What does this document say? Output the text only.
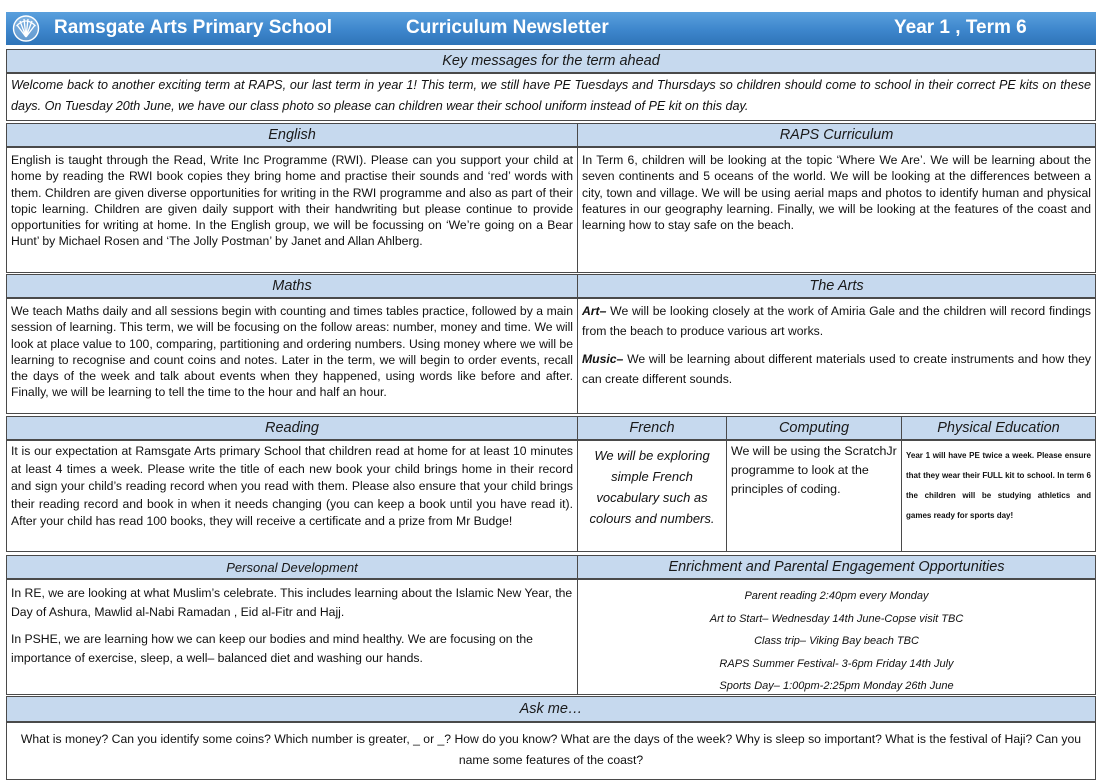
Ramsgate Arts Primary School	Curriculum Newsletter	Year 1 , Term 6
Key messages for the term ahead
Welcome back to another exciting term at RAPS, our last term in year 1! This term, we still have PE Tuesdays and Thursdays so children should come to school in their correct PE kits on these days. On Tuesday 20th June, we have our class photo so please can children wear their school uniform instead of PE kit on this day.
English
English is taught through the Read, Write Inc Programme (RWI). Please can you support your child at home by reading the RWI book copies they bring home and practise their sounds and ‘red’ words with them. Children are given diverse opportunities for writing in the RWI programme and also as part of their topic learning. Children are given daily support with their handwriting but please continue to provide opportunities for writing at home. In the English group, we will be focussing on ‘We’re going on a Bear Hunt’ by Michael Rosen and ‘The Jolly Postman’ by Janet and Allan Ahlberg.
RAPS Curriculum
In Term 6, children will be looking at the topic ‘Where We Are’. We will be learning about the seven continents and 5 oceans of the world. We will be looking at the differences between a city, town and village. We will be using aerial maps and photos to identify human and physical features in our geography learning. Finally, we will be looking at the features of the coast and learning how to stay safe on the beach.
Maths
We teach Maths daily and all sessions begin with counting and times tables practice, followed by a main session of learning. This term, we will be focusing on the follow areas: number, money and time. We will look at place value to 100, comparing, partitioning and ordering numbers. Using money where we will be learning to recognise and count coins and notes. Later in the term, we will begin to order events, recall the days of the week and talk about events when they happened, using words like before and after. Finally, we will be learning to tell the time to the hour and half an hour.
The Arts

Art– We will be looking closely at the work of Amiria Gale and the children will record findings from the beach to produce various art works.

Music– We will be learning about different materials used to create instruments and how they can create different sounds.

Reading
It is our expectation at Ramsgate Arts primary School that children read at home for at least 10 minutes at least 4 times a week. Please write the title of each new book your child brings home in their record and sign your child’s reading record when you read with them. Please also ensure that your child brings their reading record and book in when it needs changing (you can keep a book until you have read it). After your child has read 100 books, they will receive a certificate and a prize from Mr Budge!
French
We will be exploring simple French vocabulary such as colours and numbers.
Computing
We will be using the ScratchJr programme to look at the principles of coding.
Physical Education
Year 1 will have PE twice a week. Please ensure that they wear their FULL kit to school. In term 6 the children will be studying athletics and games ready for sports day!
Personal Development

In RE, we are looking at what Muslim’s celebrate. This includes learning about the Islamic New Year, the Day of Ashura, Mawlid al-Nabi Ramadan , Eid al-Fitr and Hajj.

In PSHE, we are learning how we can keep our bodies and mind healthy. We are focusing on the importance of exercise, sleep, a well– balanced diet and washing our hands.

Enrichment and Parental Engagement Opportunities
Parent reading 2:40pm every Monday
Art to Start– Wednesday 14th June-Copse visit TBC
Class trip– Viking Bay beach TBC
RAPS Summer Festival- 3-6pm Friday 14th July
Sports Day– 1:00pm-2:25pm Monday 26th June
Ask me…
What is money? Can you identify some coins? Which number is greater, _ or _? How do you know? What are the days of the week? Why is sleep so important? What is the festival of Haji? Can you name some features of the coast?
